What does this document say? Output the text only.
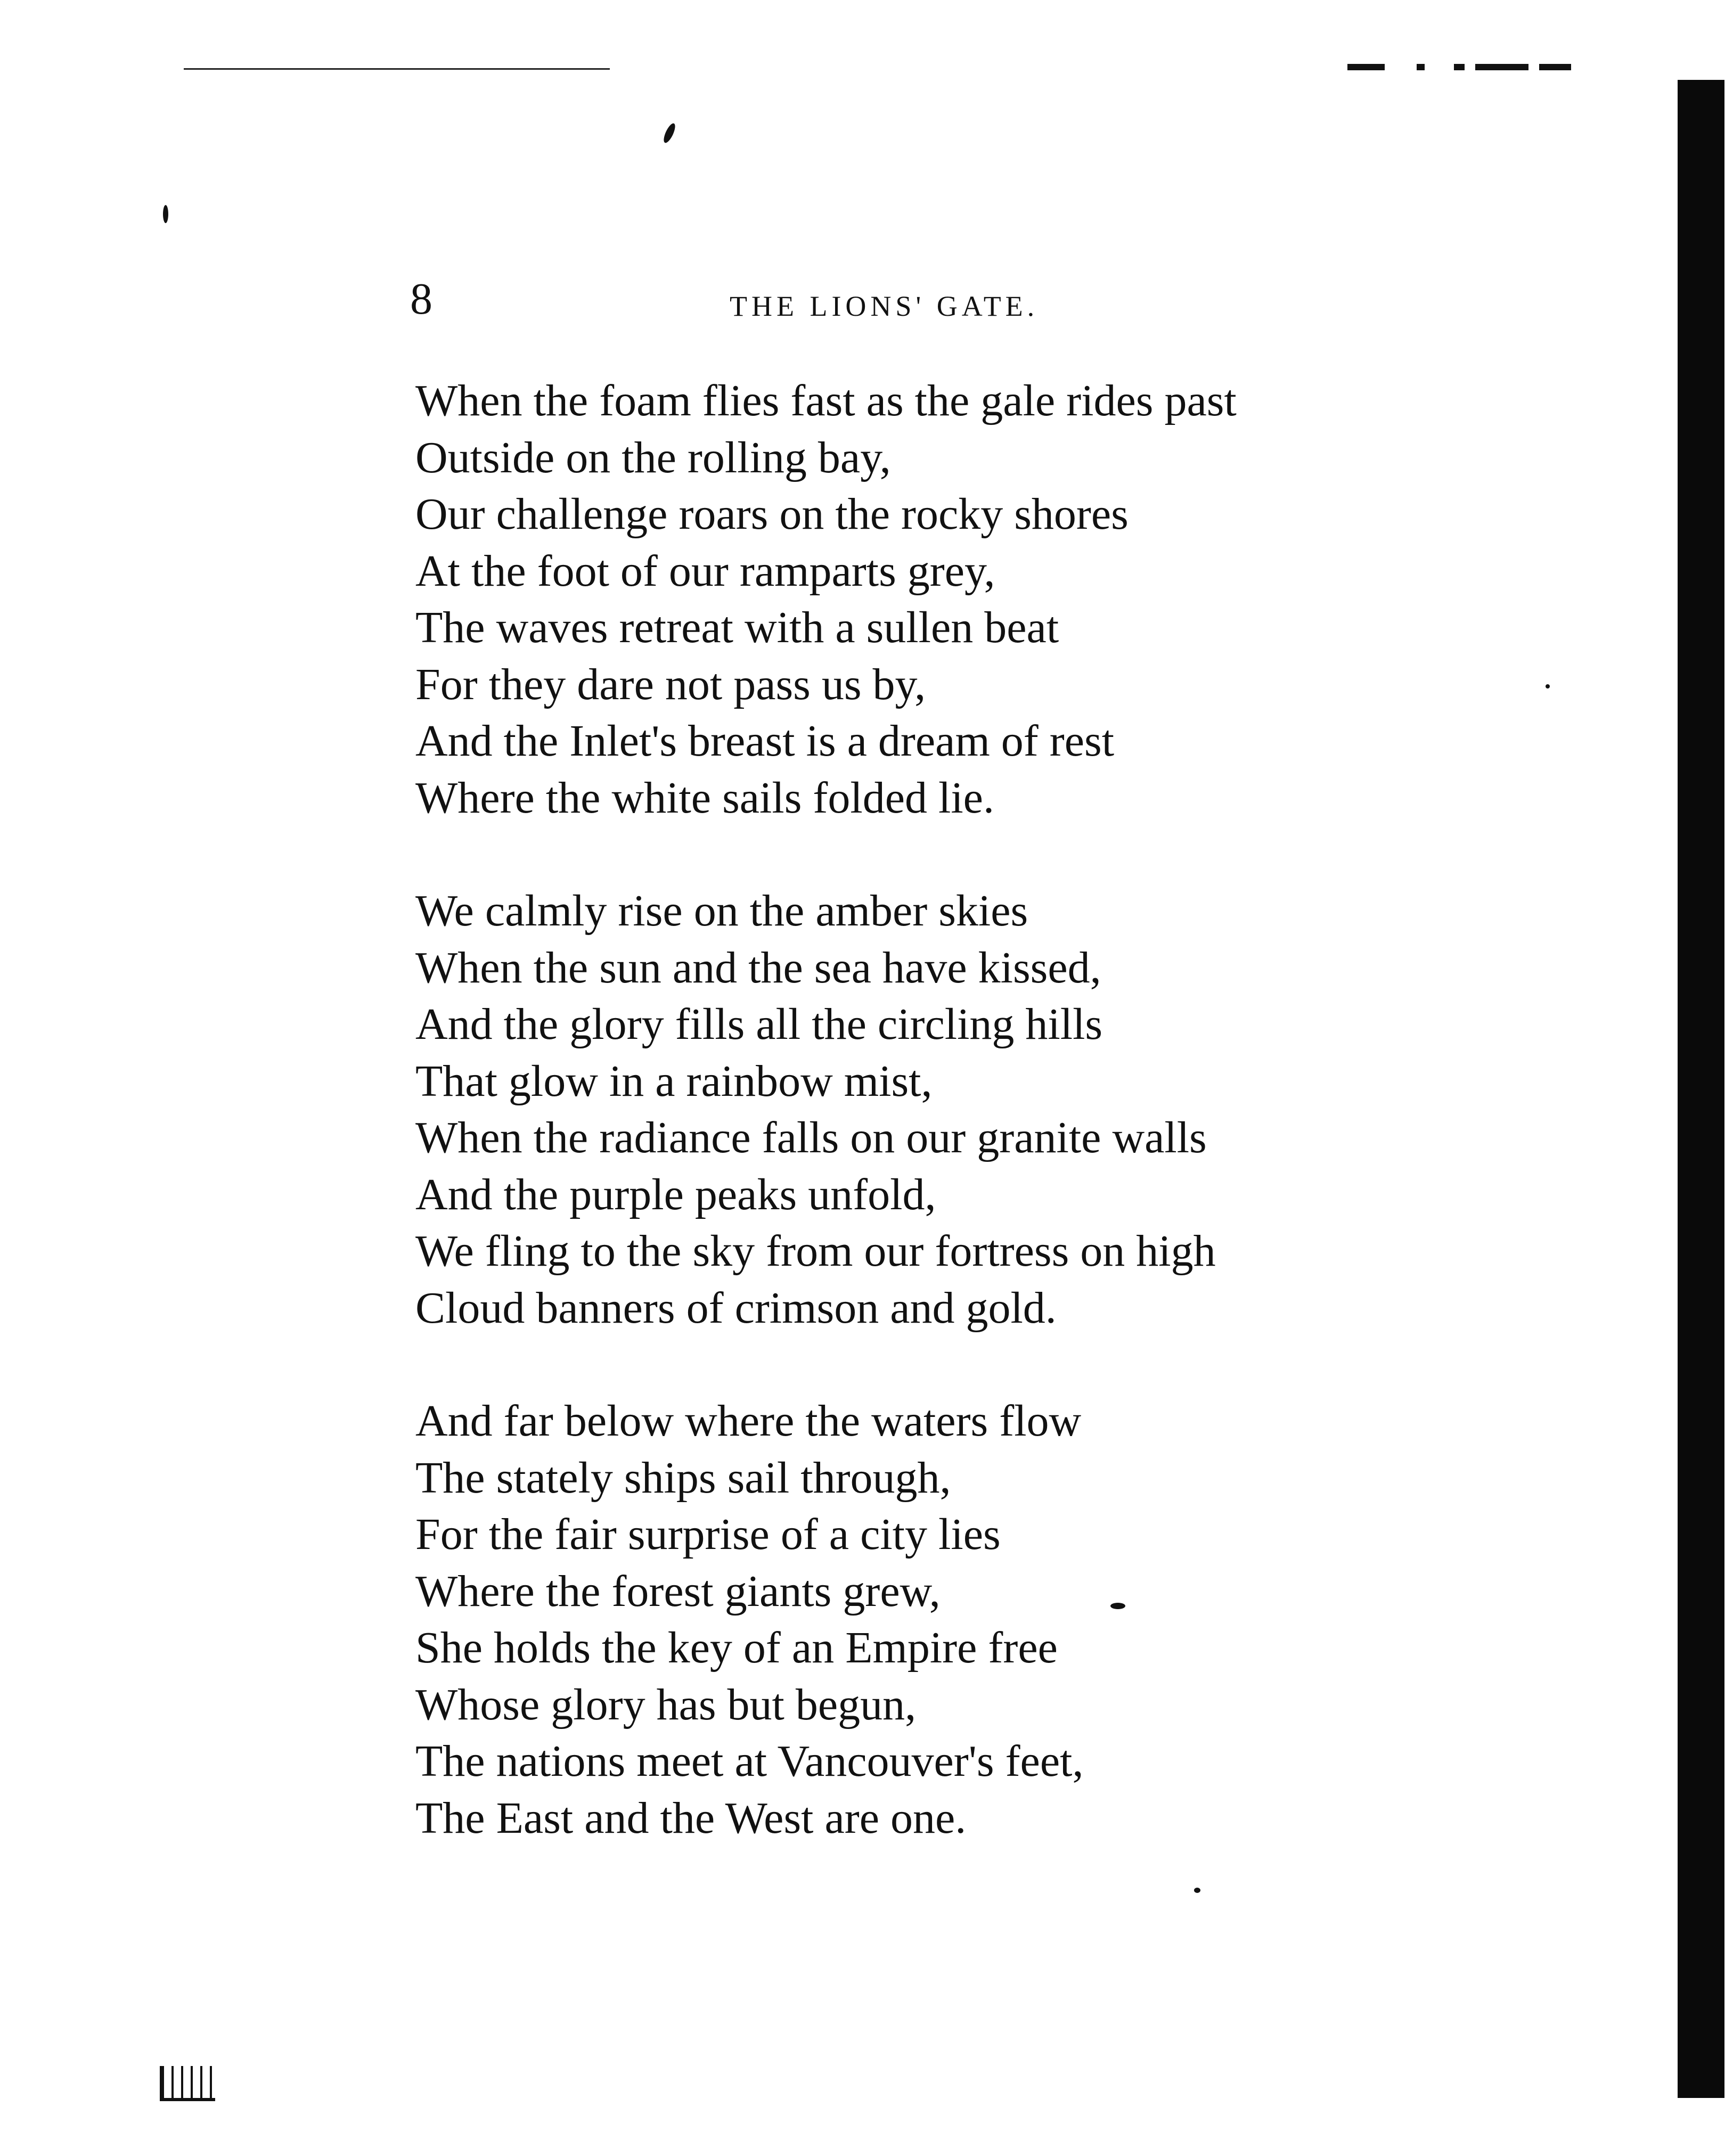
8	THE LIONS' GATE.
When the foam flies fast as the gale rides past
Outside on the rolling bay,
Our challenge roars on the rocky shores
At the foot of our ramparts grey,
The waves retreat with a sullen beat
For they dare not pass us by,
And the Inlet's breast is a dream of rest
Where the white sails folded lie.
We calmly rise on the amber skies
When the sun and the sea have kissed,
And the glory fills all the circling hills
That glow in a rainbow mist,
When the radiance falls on our granite walls
And the purple peaks unfold,
We fling to the sky from our fortress on high
Cloud banners of crimson and gold.
And far below where the waters flow
The stately ships sail through,
For the fair surprise of a city lies
Where the forest giants grew,
She holds the key of an Empire free
Whose glory has but begun,
The nations meet at Vancouver's feet,
The East and the West are one.
